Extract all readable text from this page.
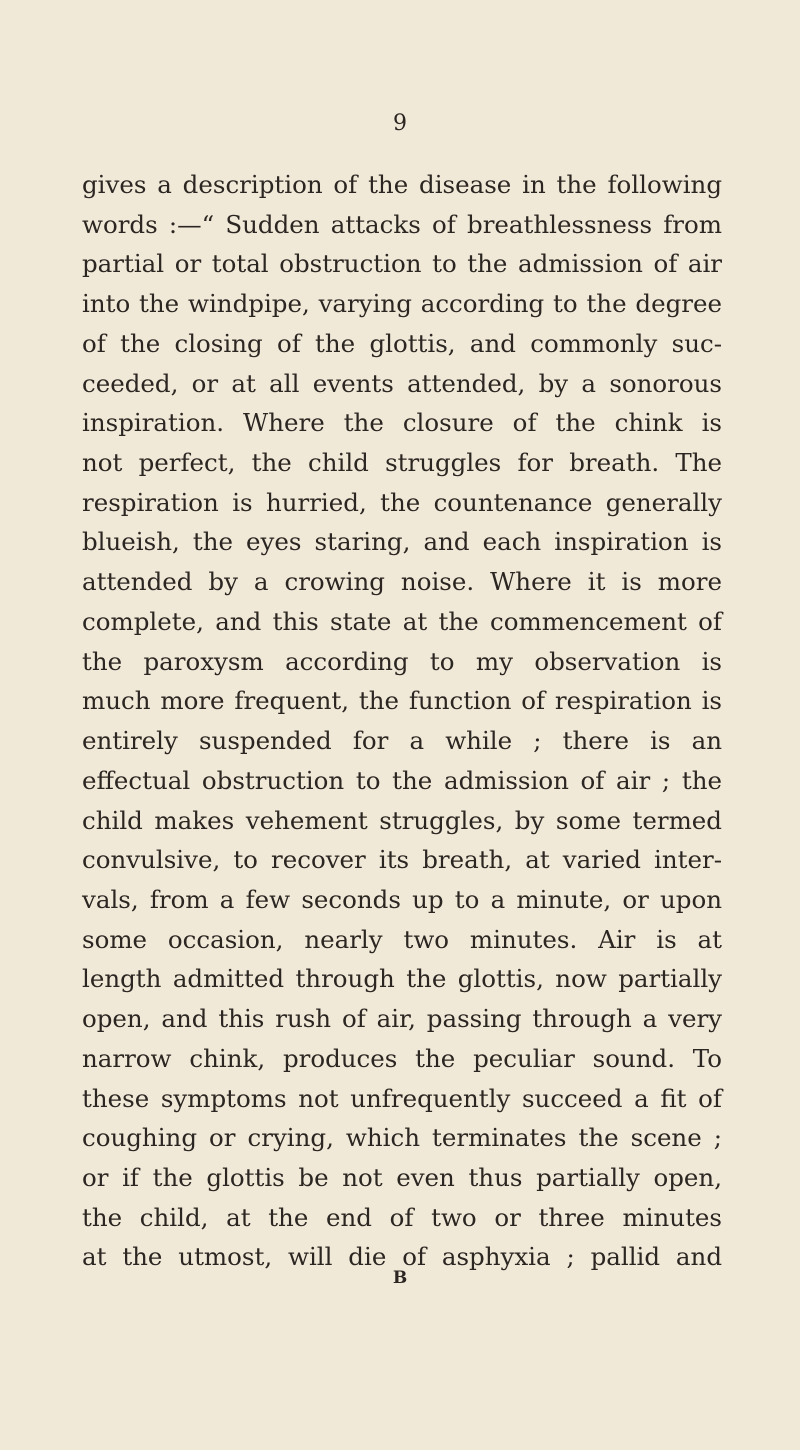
9
gives a description of the disease in the following
words :—“ Sudden attacks of breathlessness from
partial or total obstruction to the admission of air
into the windpipe, varying according to the degree
of the closing of the glottis, and commonly suc-
ceeded, or at all events attended, by a sonorous
inspiration. Where the closure of the chink is
not perfect, the child struggles for breath. The
respiration is hurried, the countenance generally
blueish, the eyes staring, and each inspiration is
attended by a crowing noise. Where it is more
complete, and this state at the commencement of
the paroxysm according to my observation is
much more frequent, the function of respiration is
entirely suspended for a while ; there is an
effectual obstruction to the admission of air ; the
child makes vehement struggles, by some termed
convulsive, to recover its breath, at varied inter-
vals, from a few seconds up to a minute, or upon
some occasion, nearly two minutes. Air is at
length admitted through the glottis, now partially
open, and this rush of air, passing through a very
narrow chink, produces the peculiar sound. To
these symptoms not unfrequently succeed a fit of
coughing or crying, which terminates the scene ;
or if the glottis be not even thus partially open,
the child, at the end of two or three minutes
at the utmost, will die of asphyxia ; pallid and
B
